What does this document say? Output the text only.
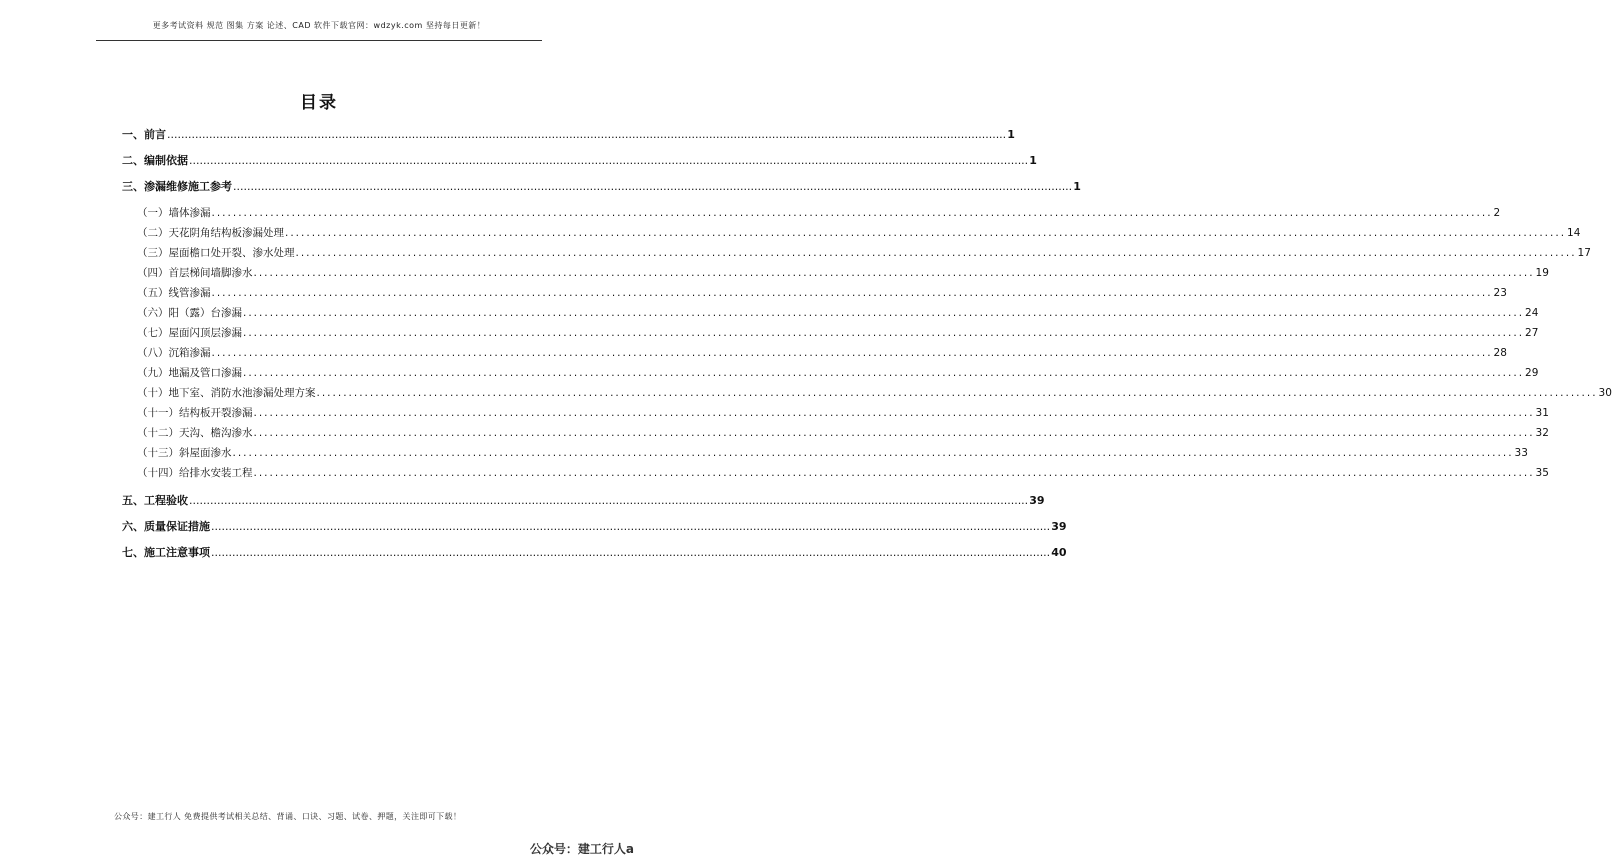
更多考试资料 规范 图集 方案 论述、CAD 软件下载官网：wdzyk.com 坚持每日更新！
目录
一、前言 ................................................................................................................................................................................................................................................ 1
二、编制依据 ................................................................................................................................................................................................................................................ 1
三、渗漏维修施工参考 ................................................................................................................................................................................................................................................ 1
（一）墙体渗漏 ................................................................................................................................................................................................................................................ 2
（二）天花阴角结构板渗漏处理 ................................................................................................................................................................................................................................................ 14
（三）屋面檐口处开裂、渗水处理 ................................................................................................................................................................................................................................................ 17
（四）首层梯间墙脚渗水 ................................................................................................................................................................................................................................................ 19
（五）线管渗漏 ................................................................................................................................................................................................................................................ 23
（六）阳（露）台渗漏 ................................................................................................................................................................................................................................................ 24
（七）屋面闪顶层渗漏 ................................................................................................................................................................................................................................................ 27
（八）沉箱渗漏 ................................................................................................................................................................................................................................................ 28
（九）地漏及管口渗漏 ................................................................................................................................................................................................................................................ 29
（十）地下室、消防水池渗漏处理方案 ................................................................................................................................................................................................................................................ 30
（十一）结构板开裂渗漏 ................................................................................................................................................................................................................................................ 31
（十二）天沟、檐沟渗水 ................................................................................................................................................................................................................................................ 32
（十三）斜屋面渗水 ................................................................................................................................................................................................................................................ 33
（十四）给排水安装工程 ................................................................................................................................................................................................................................................ 35
五、工程验收 ................................................................................................................................................................................................................................................ 39
六、质量保证措施 ................................................................................................................................................................................................................................................ 39
七、施工注意事项 ................................................................................................................................................................................................................................................ 40
公众号：建工行人 免费提供考试相关总结、背诵、口诀、习题、试卷、押题，关注即可下载！
公众号：建工行人a
